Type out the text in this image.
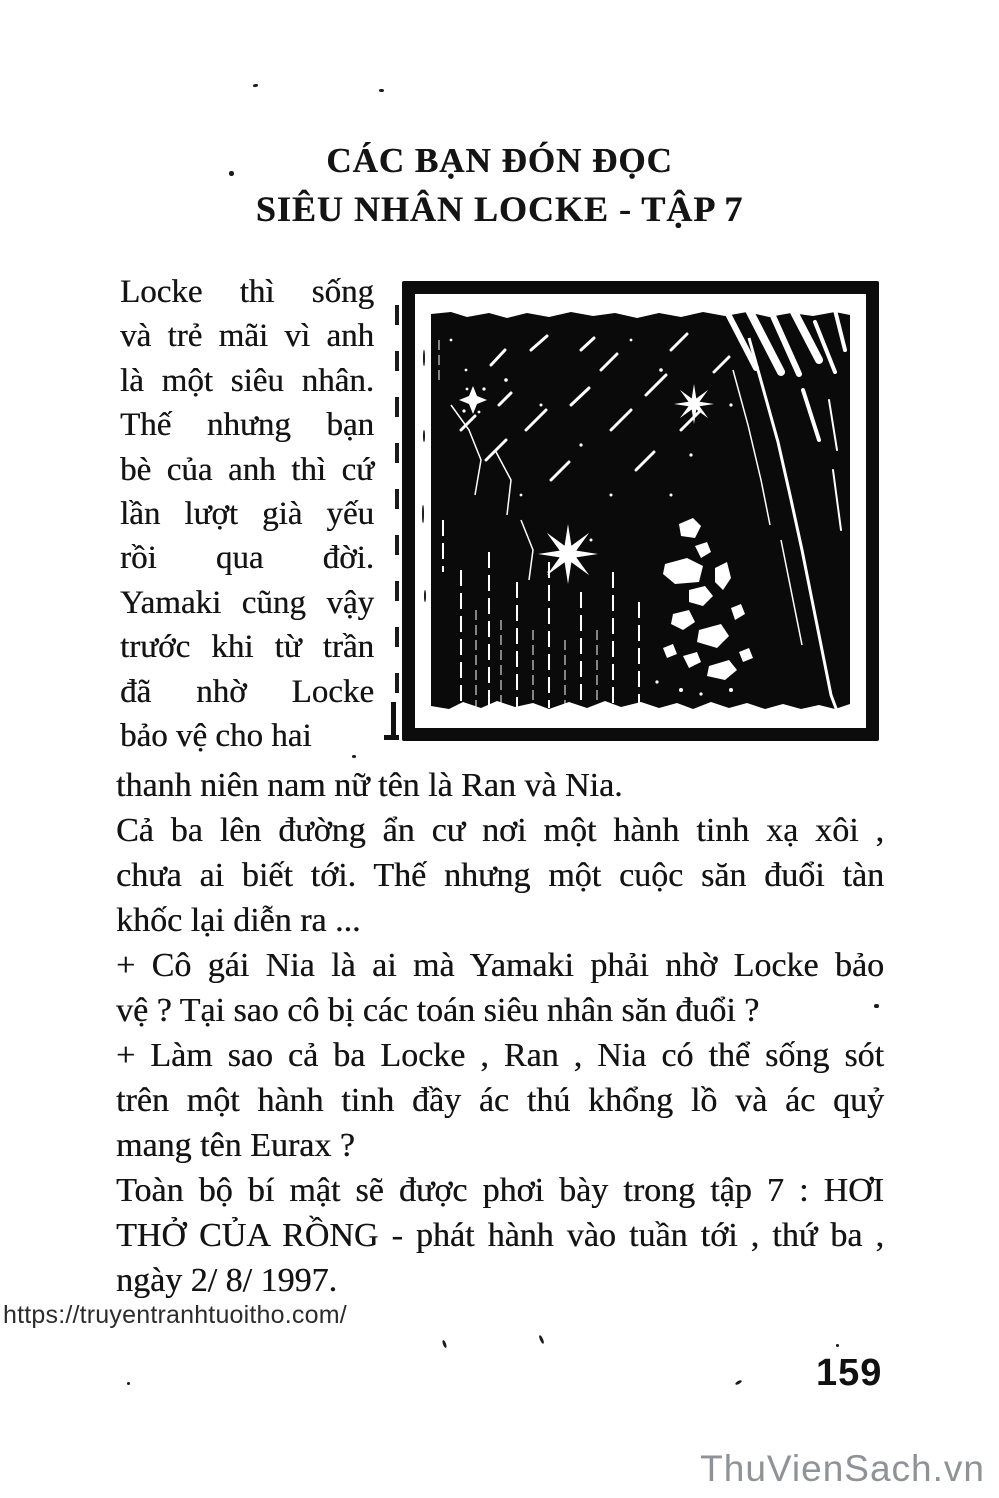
CÁC BẠN ĐÓN ĐỌC
SIÊU NHÂN LOCKE - TẬP 7
Locke thì sống
và trẻ mãi vì anh
là một siêu nhân.
Thế nhưng bạn
bè của anh thì cứ
lần lượt già yếu
rồi qua đời.
Yamaki cũng vậy
trước khi từ trần
đã nhờ Locke
bảo vệ cho hai
thanh niên nam nữ tên là Ran và Nia.
Cả ba lên đường ẩn cư nơi một hành tinh xạ xôi ,
chưa ai biết tới. Thế nhưng một cuộc săn đuổi tàn
khốc lại diễn ra ...
+ Cô gái Nia là ai mà Yamaki phải nhờ Locke bảo
vệ ? Tại sao cô bị các toán siêu nhân săn đuổi ?
+ Làm sao cả ba Locke , Ran , Nia có thể sống sót
trên một hành tinh đầy ác thú khổng lồ và ác quỷ
mang tên Eurax ?
Toàn bộ bí mật sẽ được phơi bày trong tập 7 : HƠI
THỞ CỦA RỒNG - phát hành vào tuần tới , thứ ba ,
ngày 2/ 8/ 1997.
https://truyentranhtuoitho.com/
159
ThuVienSach.vn
